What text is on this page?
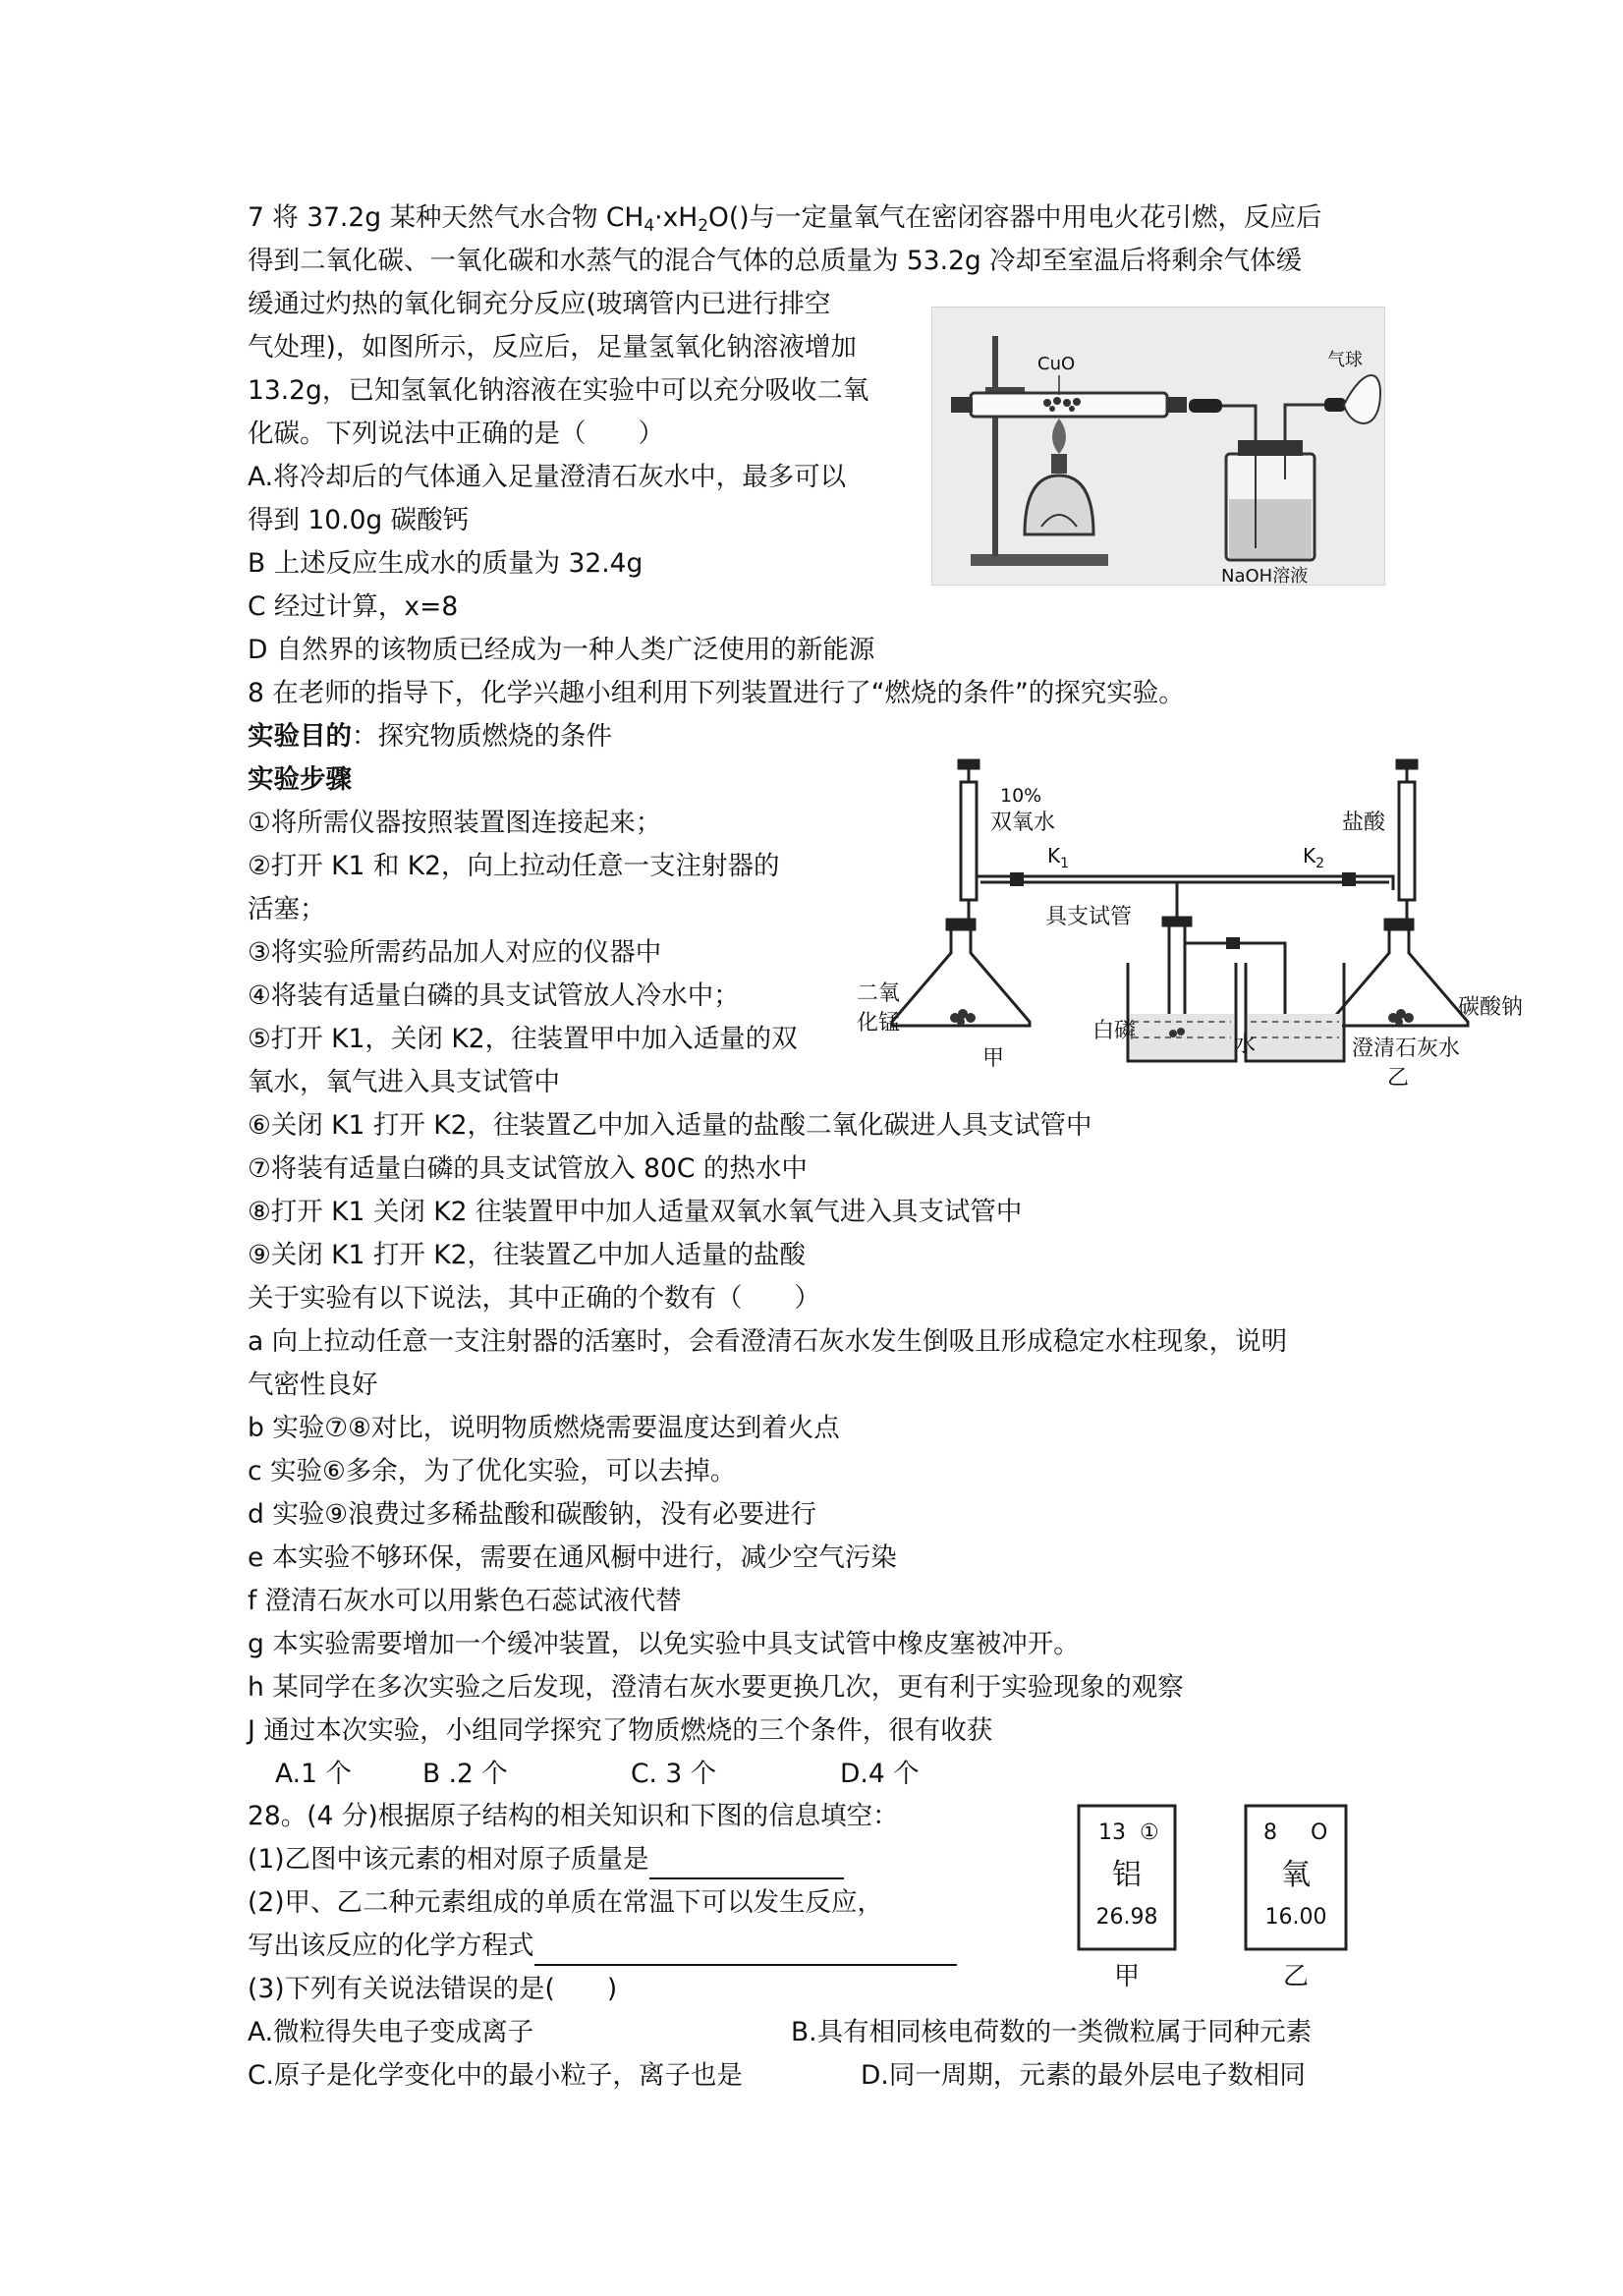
7 将 37.2g 某种天然气水合物 $CH_4\cdot xH_2O()$与一定量氧气在密闭容器中用电火花引燃，反应后
得到二氧化碳、一氧化碳和水蒸气的混合气体的总质量为 53.2g 冷却至室温后将剩余气体缓
缓通过灼热的氧化铜充分反应(玻璃管内已进行排空
气处理)，如图所示，反应后，足量氢氧化钠溶液增加
13.2g，已知氢氧化钠溶液在实验中可以充分吸收二氧
化碳。下列说法中正确的是（　　）
A.将冷却后的气体通入足量澄清石灰水中，最多可以
得到 10.0g 碳酸钙
B 上述反应生成水的质量为 32.4g
C 经过计算，x=8
D 自然界的该物质已经成为一种人类广泛使用的新能源
CuO	气球
NaOH溶液
8 在老师的指导下，化学兴趣小组利用下列装置进行了“燃烧的条件”的探究实验。
实验目的：探究物质燃烧的条件
实验步骤
①将所需仪器按照装置图连接起来；
②打开 K1 和 K2，向上拉动任意一支注射器的
活塞；
③将实验所需药品加人对应的仪器中
④将装有适量白磷的具支试管放人冷水中；
⑤打开 K1，关闭 K2，往装置甲中加入适量的双
氧水，氧气进入具支试管中
⑥关闭 K1 打开 K2，往装置乙中加入适量的盐酸二氧化碳进人具支试管中
⑦将装有适量白磷的具支试管放入 80C 的热水中
⑧打开 K1 关闭 K2 往装置甲中加人适量双氧水氧气进入具支试管中
⑨关闭 K1 打开 K2，往装置乙中加人适量的盐酸
关于实验有以下说法，其中正确的个数有（　　）
a 向上拉动任意一支注射器的活塞时，会看澄清石灰水发生倒吸且形成稳定水柱现象，说明
气密性良好
b 实验⑦⑧对比，说明物质燃烧需要温度达到着火点
c 实验⑥多余，为了优化实验，可以去掉。
d 实验⑨浪费过多稀盐酸和碳酸钠，没有必要进行
e 本实验不够环保，需要在通风橱中进行，减少空气污染
f 澄清石灰水可以用紫色石蕊试液代替
g 本实验需要增加一个缓冲装置，以免实验中具支试管中橡皮塞被冲开。
h 某同学在多次实验之后发现，澄清右灰水要更换几次，更有利于实验现象的观察
J 通过本次实验，小组同学探究了物质燃烧的三个条件，很有收获
A.1 个	B .2 个	C. 3 个	D.4 个
10%
双氧水
$K_1$	$K_2$
盐酸
具支试管
二氧
化锰	白磷
水	澄清石灰水
碳酸钠
甲
乙
28。(4 分)根据原子结构的相关知识和下图的信息填空：
(1)乙图中该元素的相对原子质量是
(2)甲、乙二种元素组成的单质在常温下可以发生反应，
写出该反应的化学方程式
(3)下列有关说法错误的是(　　)
A.微粒得失电子变成离子	B.具有相同核电荷数的一类微粒属于同种元素
C.原子是化学变化中的最小粒子，离子也是	D.同一周期，元素的最外层电子数相同
13 ①
铝
26.98
甲
8 O
氧
16.00
乙
